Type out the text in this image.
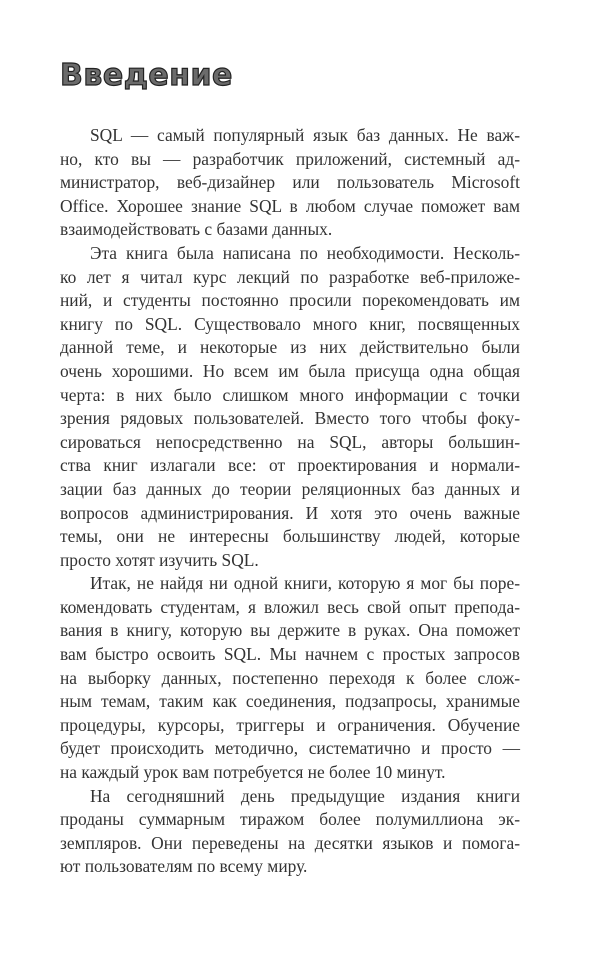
Введение
SQL — самый популярный язык баз данных. Не важ-
но, кто вы — разработчик приложений, системный ад-
министратор, веб-дизайнер или пользователь Microsoft
Office. Хорошее знание SQL в любом случае поможет вам
взаимодействовать с базами данных.
Эта книга была написана по необходимости. Несколь-
ко лет я читал курс лекций по разработке веб-приложе-
ний, и студенты постоянно просили порекомендовать им
книгу по SQL. Существовало много книг, посвященных
данной теме, и некоторые из них действительно были
очень хорошими. Но всем им была присуща одна общая
черта: в них было слишком много информации с точки
зрения рядовых пользователей. Вместо того чтобы фоку-
сироваться непосредственно на SQL, авторы большин-
ства книг излагали все: от проектирования и нормали-
зации баз данных до теории реляционных баз данных и
вопросов администрирования. И хотя это очень важные
темы, они не интересны большинству людей, которые
просто хотят изучить SQL.
Итак, не найдя ни одной книги, которую я мог бы поре-
комендовать студентам, я вложил весь свой опыт препода-
вания в книгу, которую вы держите в руках. Она поможет
вам быстро освоить SQL. Мы начнем с простых запросов
на выборку данных, постепенно переходя к более слож-
ным темам, таким как соединения, подзапросы, хранимые
процедуры, курсоры, триггеры и ограничения. Обучение
будет происходить методично, систематично и просто —
на каждый урок вам потребуется не более 10 минут.
На сегодняшний день предыдущие издания книги
проданы суммарным тиражом более полумиллиона эк-
земпляров. Они переведены на десятки языков и помога-
ют пользователям по всему миру.
